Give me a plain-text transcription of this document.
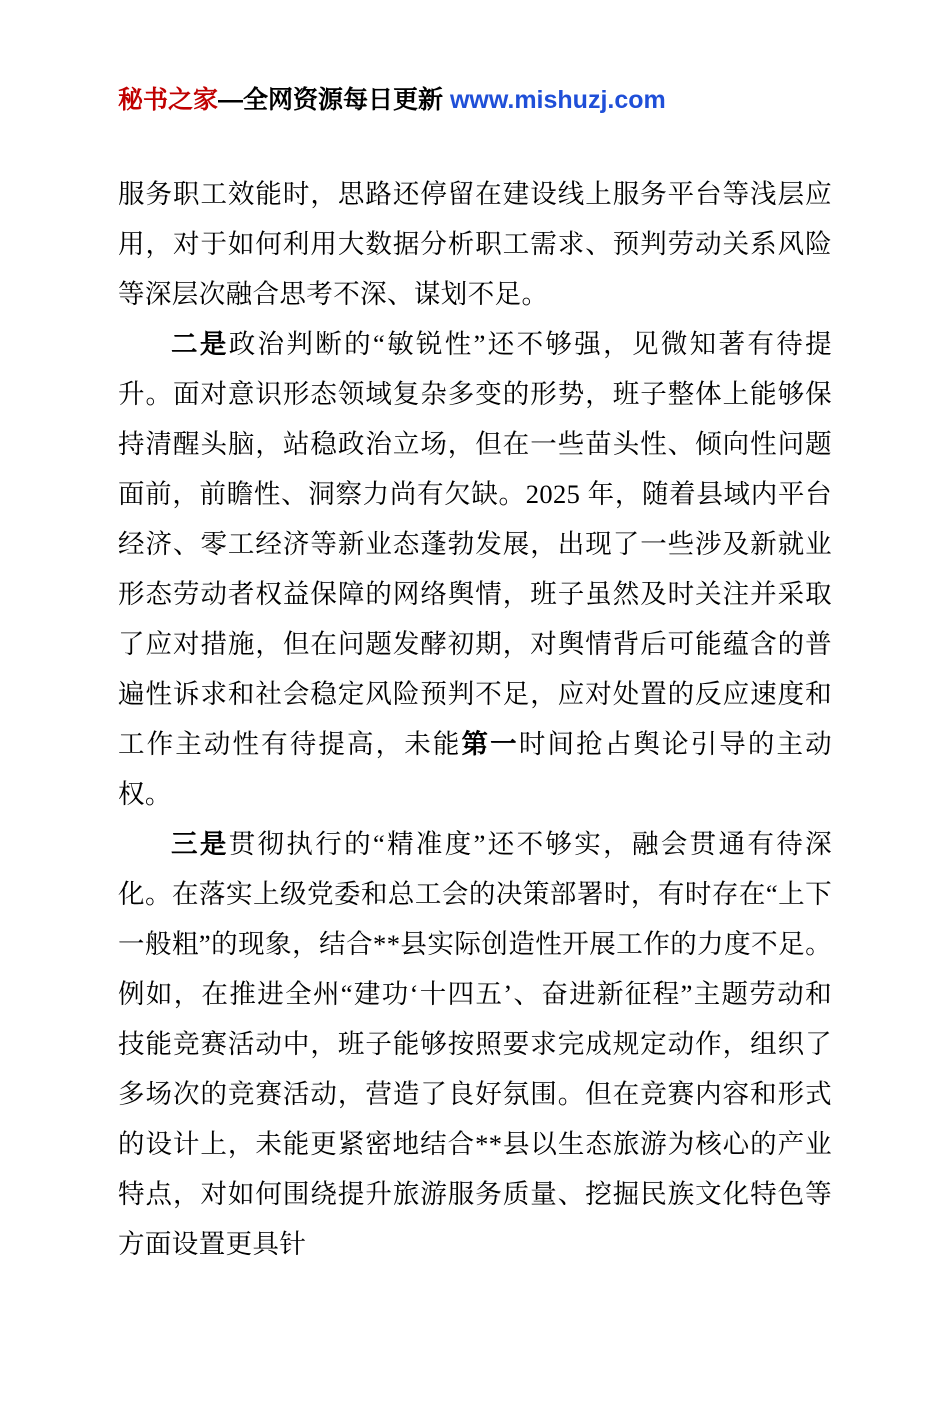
秘书之家—全网资源每日更新 www.mishuzj.com

服务职工效能时，思路还停留在建设线上服务平台等浅层应用，对于如何利用大数据分析职工需求、预判劳动关系风险等深层次融合思考不深、谋划不足。

二是政治判断的“敏锐性”还不够强，见微知著有待提升。面对意识形态领域复杂多变的形势，班子整体上能够保持清醒头脑，站稳政治立场，但在一些苗头性、倾向性问题面前，前瞻性、洞察力尚有欠缺。2025 年，随着县域内平台经济、零工经济等新业态蓬勃发展，出现了一些涉及新就业形态劳动者权益保障的网络舆情，班子虽然及时关注并采取了应对措施，但在问题发酵初期，对舆情背后可能蕴含的普遍性诉求和社会稳定风险预判不足，应对处置的反应速度和工作主动性有待提高，未能第一时间抢占舆论引导的主动权。

三是贯彻执行的“精准度”还不够实，融会贯通有待深化。在落实上级党委和总工会的决策部署时，有时存在“上下一般粗”的现象，结合**县实际创造性开展工作的力度不足。例如，在推进全州“建功‘十四五’、奋进新征程”主题劳动和技能竞赛活动中，班子能够按照要求完成规定动作，组织了多场次的竞赛活动，营造了良好氛围。但在竞赛内容和形式的设计上，未能更紧密地结合**县以生态旅游为核心的产业特点，对如何围绕提升旅游服务质量、挖掘民族文化特色等方面设置更具针
